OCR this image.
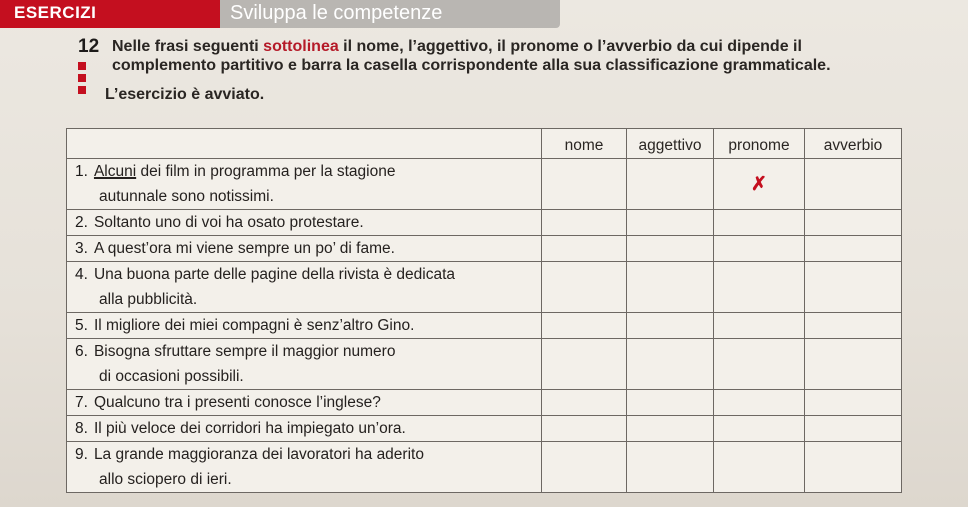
ESERCIZI	Sviluppa le competenze
12 Nelle frasi seguenti sottolinea il nome, l’aggettivo, il pronome o l’avverbio da cui dipende il complemento partitivo e barra la casella corrispondente alla sua classificazione grammaticale.
L’esercizio è avviato.
	nome	aggettivo	pronome	avverbio
1. Alcuni dei film in programma per la stagione
autunnale sono notissimi.			✗	
2. Soltanto uno di voi ha osato protestare.				
3. A quest’ora mi viene sempre un po’ di fame.				
4. Una buona parte delle pagine della rivista è dedicata
alla pubblicità.				

5. Il migliore dei miei compagni è senz’altro Gino.				
6. Bisogna sfruttare sempre il maggior numero
di occasioni possibili.				

7. Qualcuno tra i presenti conosce l’inglese?				
8. Il più veloce dei corridori ha impiegato un’ora.				
9. La grande maggioranza dei lavoratori ha aderito
allo sciopero di ieri.				
